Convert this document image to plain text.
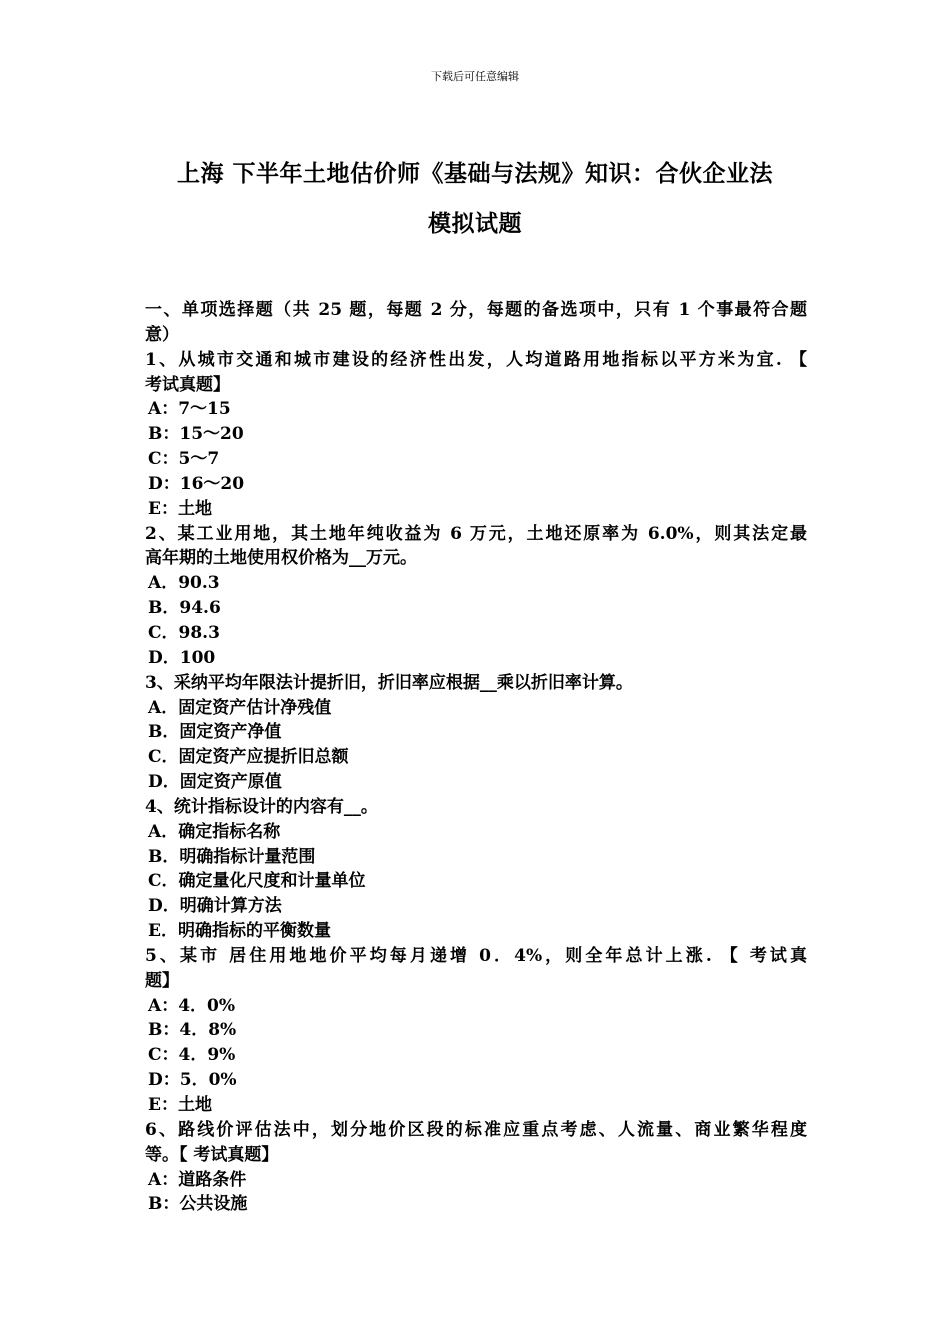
下载后可任意编辑
上海 下半年土地估价师《基础与法规》知识：合伙企业法
模拟试题
一、单项选择题（共 25 题，每题 2 分，每题的备选项中，只有 1 个事最符合题
意）
1、从城市交通和城市建设的经济性出发，人均道路用地指标以平方米为宜. 【
考试真题】
A：7～15
B：15～20
C：5～7
D：16～20
E：土地
2、某工业用地，其土地年纯收益为 6 万元，土地还原率为 6.0%，则其法定最
高年期的土地使用权价格为__万元。
A．90.3
B．94.6
C．98.3
D．100
3、采纳平均年限法计提折旧，折旧率应根据__乘以折旧率计算。
A．固定资产估计净残值
B．固定资产净值
C．固定资产应提折旧总额
D．固定资产原值
4、统计指标设计的内容有__。
A．确定指标名称
B．明确指标计量范围
C．确定量化尺度和计量单位
D．明确计算方法
E．明确指标的平衡数量
5、某市 居住用地地价平均每月递增 0．4%，则全年总计上涨. 【 考试真
题】
A：4．0%
B：4．8%
C：4．9%
D：5．0%
E：土地
6、路线价评估法中，划分地价区段的标准应重点考虑、人流量、商业繁华程度
等。【 考试真题】
A：道路条件
B：公共设施
